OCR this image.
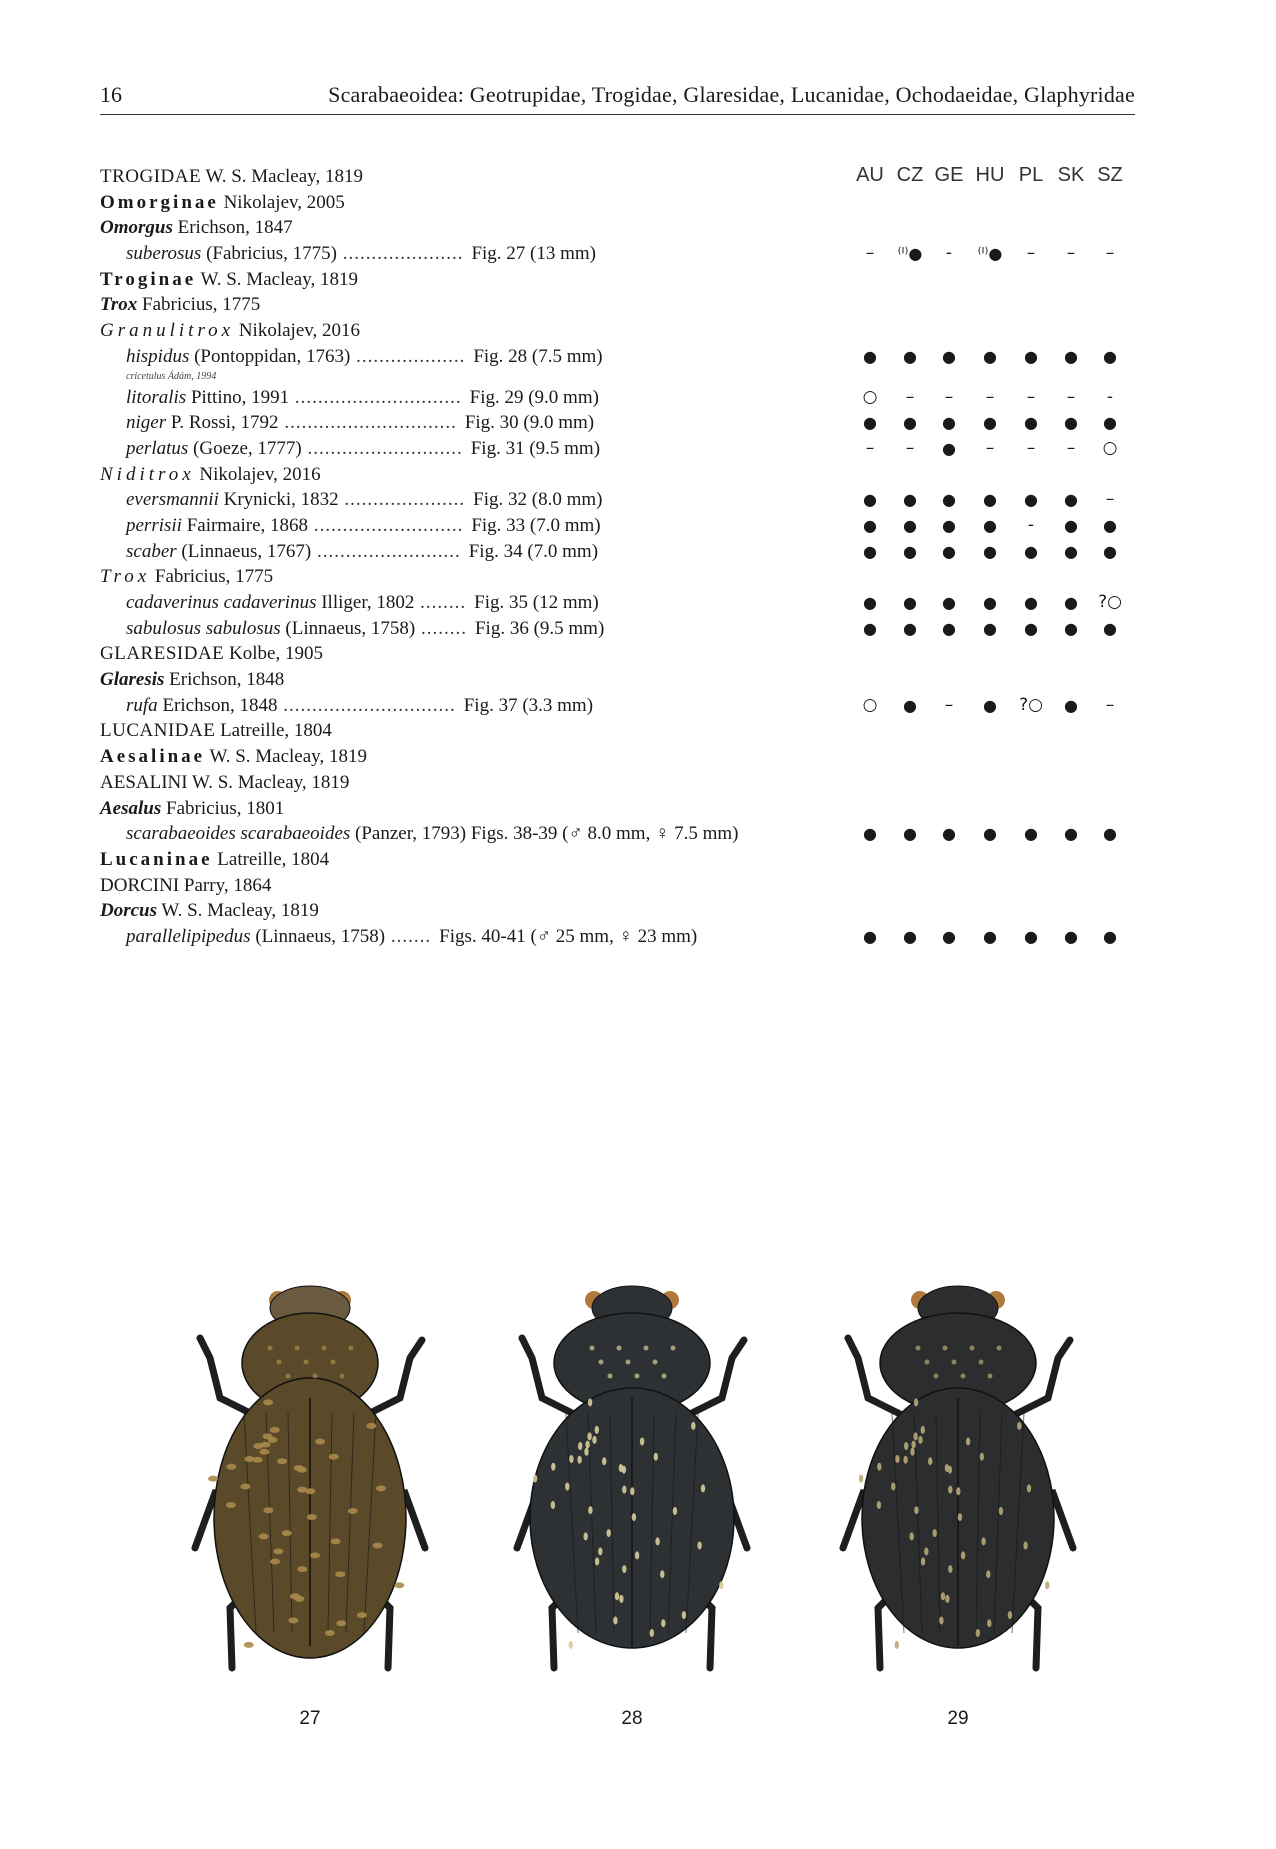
16	Scarabaeoidea: Geotrupidae, Trogidae, Glaresidae, Lucanidae, Ochodaeidae, Glaphyridae
AU CZ GE HU PL SK SZ
TROGIDAE W. S. Macleay, 1819
Omorginae Nikolajev, 2005
Omorgus Erichson, 1847
suberosus (Fabricius, 1775) ..................... Fig. 27 (13 mm)	–	⁽ᴵ⁾●	-	⁽ᴵ⁾●	–	–	–
Troginae W. S. Macleay, 1819
Trox Fabricius, 1775
Granulitrox Nikolajev, 2016
hispidus (Pontoppidan, 1763) ................... Fig. 28 (7.5 mm)	●	●	●	●	●	●	●
cricetulus Ádám, 1994
litoralis Pittino, 1991 ............................. Fig. 29 (9.0 mm)	○	–	–	–	–	–	-
niger P. Rossi, 1792 .............................. Fig. 30 (9.0 mm)	●	●	●	●	●	●	●
perlatus (Goeze, 1777) ........................... Fig. 31 (9.5 mm)	–	–	●	–	–	–	○
Niditrox Nikolajev, 2016
eversmannii Krynicki, 1832 ..................... Fig. 32 (8.0 mm)	●	●	●	●	●	●	–
perrisii Fairmaire, 1868 .......................... Fig. 33 (7.0 mm)	●	●	●	●	-	●	●
scaber (Linnaeus, 1767) ......................... Fig. 34 (7.0 mm)	●	●	●	●	●	●	●
Trox Fabricius, 1775
cadaverinus cadaverinus Illiger, 1802 ........ Fig. 35 (12 mm)	●	●	●	●	●	●	?○
sabulosus sabulosus (Linnaeus, 1758) ........ Fig. 36 (9.5 mm)	●	●	●	●	●	●	●
GLARESIDAE Kolbe, 1905
Glaresis Erichson, 1848
rufa Erichson, 1848 .............................. Fig. 37 (3.3 mm)	○	●	–	●	?○	●	–
LUCANIDAE Latreille, 1804
Aesalinae W. S. Macleay, 1819
AESALINI W. S. Macleay, 1819
Aesalus Fabricius, 1801
scarabaeoides scarabaeoides (Panzer, 1793) Figs. 38-39 (♂ 8.0 mm, ♀ 7.5 mm)	●	●	●	●	●	●	●
Lucaninae Latreille, 1804
DORCINI Parry, 1864
Dorcus W. S. Macleay, 1819
parallelipipedus (Linnaeus, 1758) ....... Figs. 40-41 (♂ 25 mm, ♀ 23 mm)	●	●	●	●	●	●	●
27	28	29
